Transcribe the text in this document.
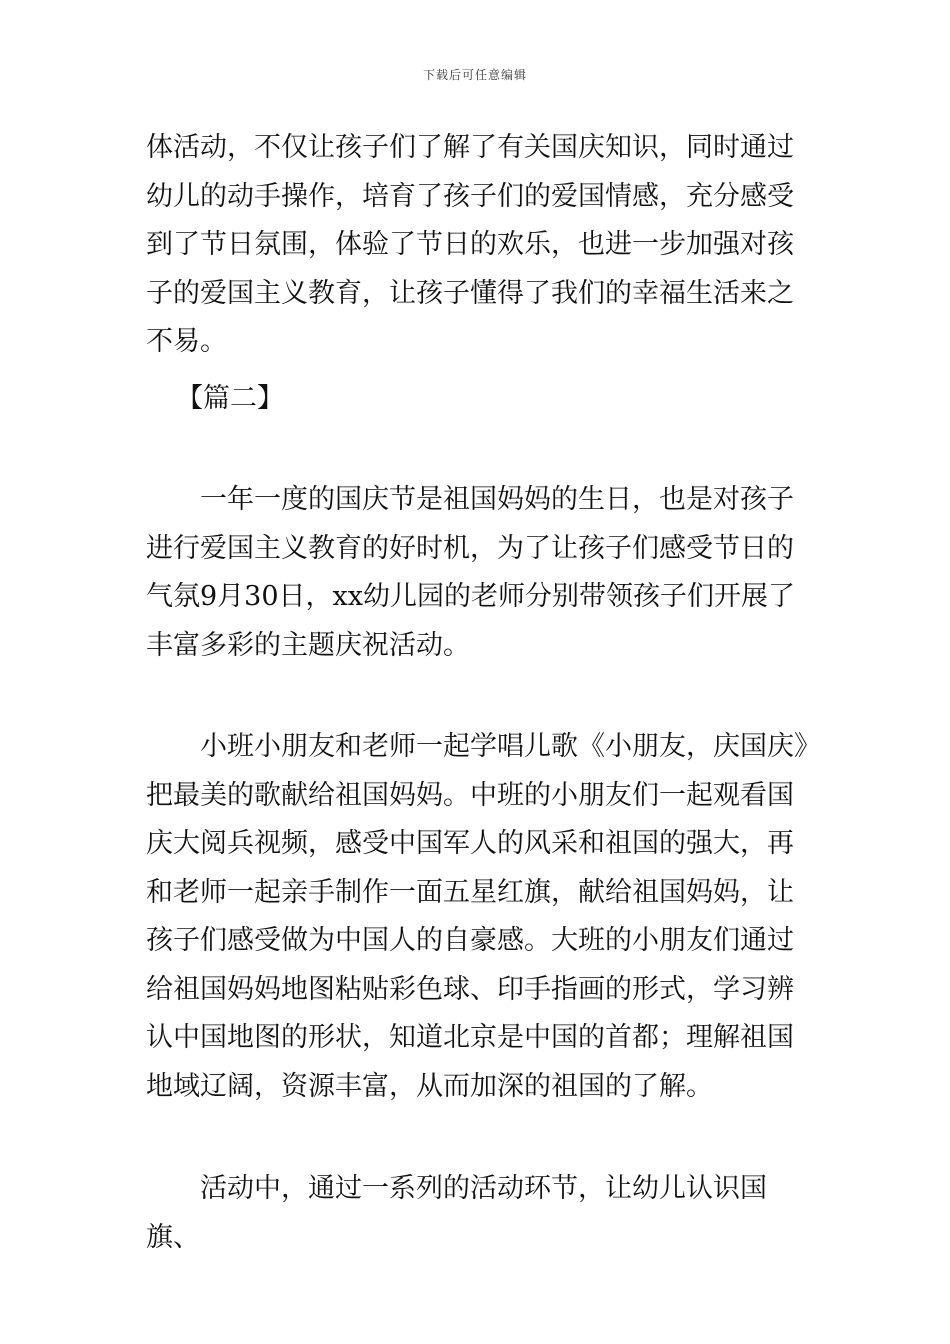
下载后可任意编辑

体活动，不仅让孩子们了解了有关国庆知识，同时通过幼儿的动手操作，培育了孩子们的爱国情感，充分感受到了节日氛围，体验了节日的欢乐，也进一步加强对孩子的爱国主义教育，让孩子懂得了我们的幸福生活来之不易。

【篇二】

一年一度的国庆节是祖国妈妈的生日，也是对孩子进行爱国主义教育的好时机，为了让孩子们感受节日的气氛9月30日，xx幼儿园的老师分别带领孩子们开展了丰富多彩的主题庆祝活动。

小班小朋友和老师一起学唱儿歌《小朋友，庆国庆》把最美的歌献给祖国妈妈。中班的小朋友们一起观看国庆大阅兵视频，感受中国军人的风采和祖国的强大，再和老师一起亲手制作一面五星红旗，献给祖国妈妈，让孩子们感受做为中国人的自豪感。大班的小朋友们通过给祖国妈妈地图粘贴彩色球、印手指画的形式，学习辨认中国地图的形状，知道北京是中国的首都；理解祖国地域辽阔，资源丰富，从而加深的祖国的了解。

活动中，通过一系列的活动环节，让幼儿认识国旗、
